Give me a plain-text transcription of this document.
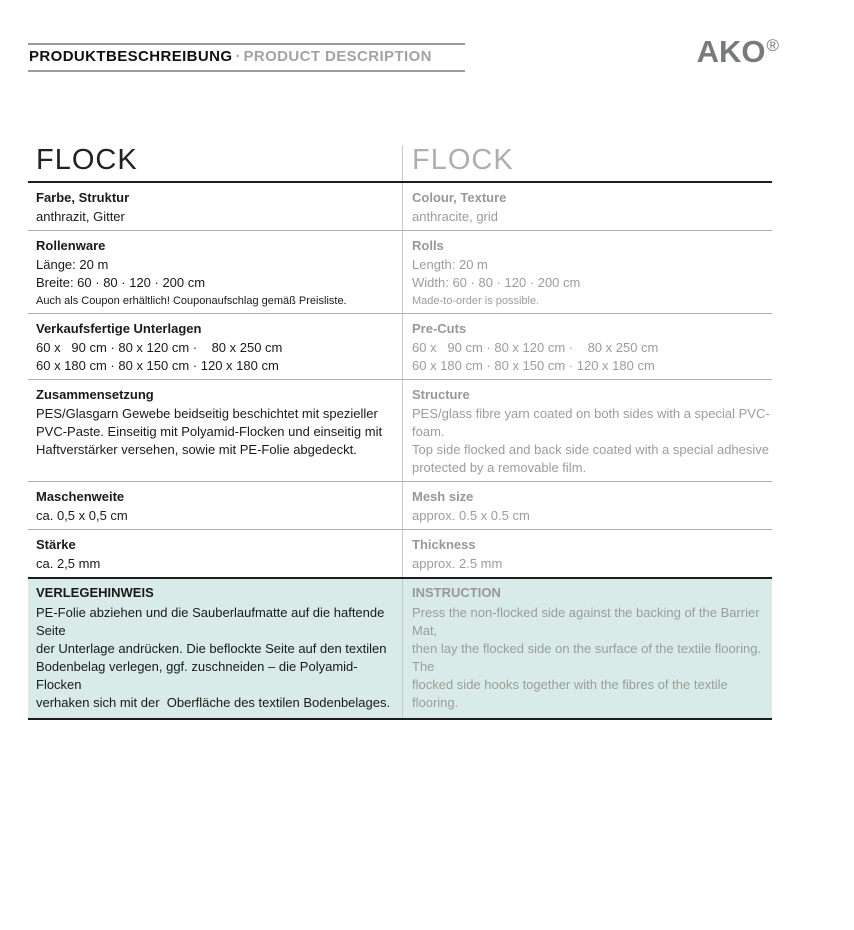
PRODUKTBESCHREIBUNG · PRODUCT DESCRIPTION	AKO®
FLOCK	FLOCK
Farbe, Struktur
anthrazit, Gitter
Colour, Texture
anthracite, grid
Rollenware
Länge: 20 m
Breite: 60 · 80 · 120 · 200 cm
Auch als Coupon erhältlich! Couponaufschlag gemäß Preisliste.
Rolls
Length: 20 m
Width: 60 · 80 · 120 · 200 cm
Made-to-order is possible.
Verkaufsfertige Unterlagen
60 x   90 cm · 80 x 120 cm ·    80 x 250 cm
60 x 180 cm · 80 x 150 cm · 120 x 180 cm
Pre-Cuts
60 x   90 cm · 80 x 120 cm ·    80 x 250 cm
60 x 180 cm · 80 x 150 cm · 120 x 180 cm
Zusammensetzung
PES/Glasgarn Gewebe beidseitig beschichtet mit spezieller
PVC-Paste. Einseitig mit Polyamid-Flocken und einseitig mit
Haftverstärker versehen, sowie mit PE-Folie abgedeckt.
Structure
PES/glass fibre yarn coated on both sides with a special PVC-foam.
Top side flocked and back side coated with a special adhesive
protected by a removable film.
Maschenweite
ca. 0,5 x 0,5 cm
Mesh size
approx. 0.5 x 0.5 cm
Stärke
ca. 2,5 mm
Thickness
approx. 2.5 mm
VERLEGEHINWEIS
PE-Folie abziehen und die Sauberlaufmatte auf die haftende Seite
der Unterlage andrücken. Die beflockte Seite auf den textilen
Bodenbelag verlegen, ggf. zuschneiden – die Polyamid-Flocken
verhaken sich mit der  Oberfläche des textilen Bodenbelages.
INSTRUCTION
Press the non-flocked side against the backing of the Barrier Mat,
then lay the flocked side on the surface of the textile flooring. The
flocked side hooks together with the fibres of the textile flooring.
